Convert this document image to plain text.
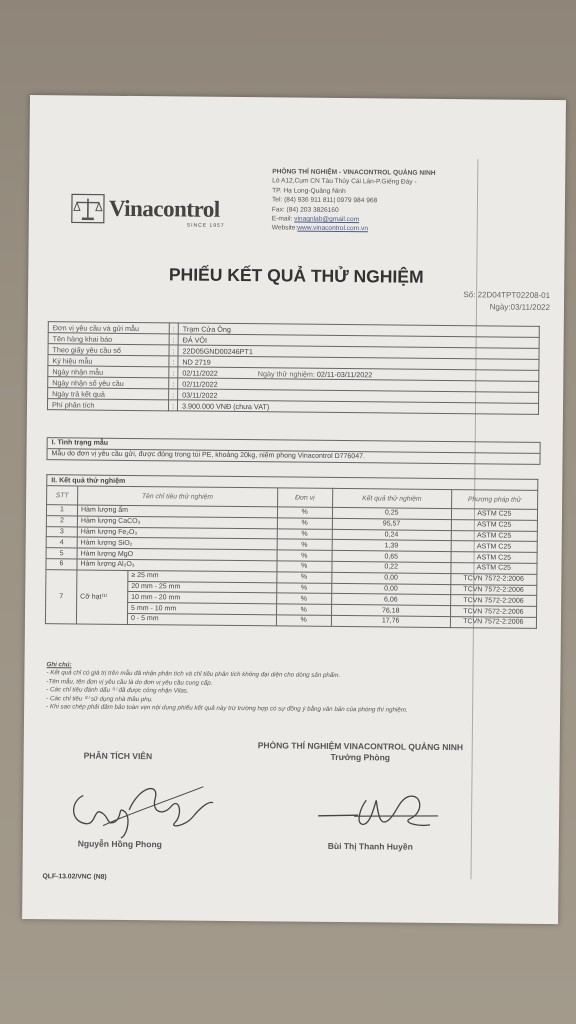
Vinacontrol
SINCE 1957
PHÒNG THÍ NGHIỆM - VINACONTROL QUẢNG NINH
Lô A12,Cụm CN Tàu Thủy Cái Lân-P.Giếng Đáy -
TP. Hạ Long-Quảng Ninh
Tel: (84) 936 911 811| 0979 984 968
Fax: (84) 203 3826160
E-mail: vinaqnlab@gmail.com
Website:www.vinacontrol.com.vn
PHIẾU KẾT QUẢ THỬ NGHIỆM
Số: 22D04TPT02208-01
Ngày:03/11/2022
Đơn vị yêu cầu và gửi mẫu	:	Trạm Cửa Ông
Tên hàng khai báo	:	ĐÁ VÔI
Theo giấy yêu cầu số	:	22D05GND00246PT1
Ký hiệu mẫu	:	ND 2719
Ngày nhận mẫu	:	02/11/2022 Ngày thử nghiệm: 02/11-03/11/2022
Ngày nhận số yêu cầu	:	02/11/2022
Ngày trả kết quả	:	03/11/2022
Phí phân tích	:	3.900.000 VNĐ (chưa VAT)
I. Tình trạng mẫu
Mẫu do đơn vị yêu cầu gửi, được đóng trong túi PE, khoảng 20kg, niêm phong Vinacontrol D776047.
II. Kết quả thử nghiệm
STT	Tên chỉ tiêu thử nghiệm		Đơn vị	Kết quả thử nghiệm	Phương pháp thử
1	Hàm lượng ẩm		%	0,25	ASTM C25
2	Hàm lượng CaCO₃		%	95,57	ASTM C25
3	Hàm lượng Fe₂O₃		%	0,24	ASTM C25
4	Hàm lượng SiO₂		%	1,39	ASTM C25
5	Hàm lượng MgO		%	0,65	ASTM C25
6	Hàm lượng Al₂O₃		%	0,22	ASTM C25
7	Cỡ hạt⁽¹⁾	≥ 25 mm	%	0,00	TCVN 7572-2:2006
		20 mm - 25 mm	%	0,00	TCVN 7572-2:2006
		10 mm - 20 mm	%	6,06	TCVN 7572-2:2006
		5 mm - 10 mm	%	76,18	TCVN 7572-2:2006
		0 - 5 mm	%	17,76	TCVN 7572-2:2006
Ghi chú:
- Kết quả chỉ có giá trị trên mẫu đã nhận phân tích và chỉ tiêu phân tích không đại diện cho dòng sản phẩm.
-Tên mẫu, tên đơn vị yêu cầu là do đơn vị yêu cầu cung cấp.
- Các chỉ tiêu đánh dấu ⁽¹⁾ đã được công nhận Vilas.
- Các chỉ tiêu ⁽²⁾ sử dụng nhà thầu phụ.
- Khi sao chép phải đảm bảo toàn vẹn nội dung phiếu kết quả này trừ trường hợp có sự đồng ý bằng văn bản của phòng thí nghiệm.
PHÂN TÍCH VIÊN
PHÒNG THÍ NGHIỆM VINACONTROL QUẢNG NINH
Trưởng Phòng
Nguyễn Hồng Phong	Bùi Thị Thanh Huyền
QLF-13.02/VNC (N8)
